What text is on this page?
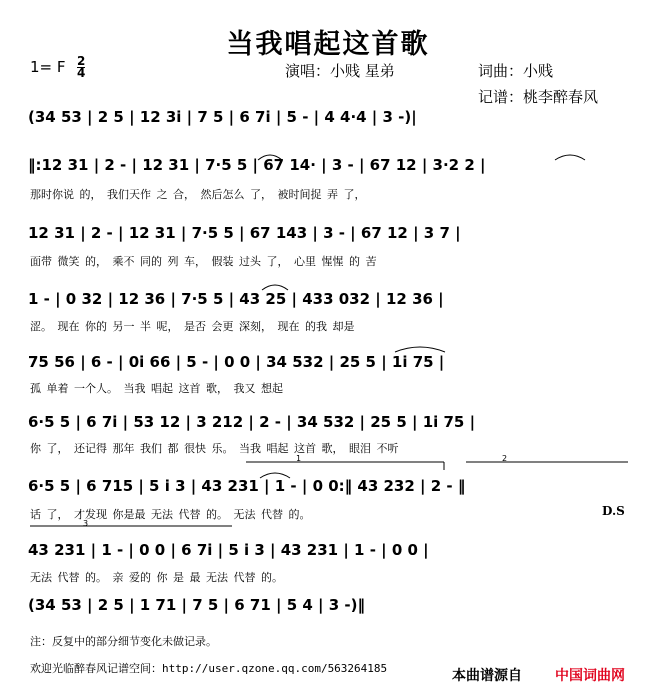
当我唱起这首歌
1= F $\frac{2}{4}$	演唱：小贱 星弟	词曲：小贱
记谱：桃李醉春风
(34 53 | 2 5 | 12 3i | 7 5 | 6 7i | 5 - | 4 4·4 | 3 -)|
‖:12 31 | 2 - | 12 31 | 7·5 5 | 67 14· | 3 - | 67 12 | 3·2 2 |
那时你说 的， 我们天作 之 合， 然后怎么 了， 被时间捉 弄 了，
12 31 | 2 - | 12 31 | 7·5 5 | 67 143 | 3 - | 67 12 | 3 7 |
面带 微笑 的， 乘不 同的 列 车， 假装 过头 了， 心里 惺惺 的 苦
1 - | 0 32 | 12 36 | 7·5 5 | 43 25 | 433 032 | 12 36 |
涩。 现在 你的 另一 半 呢， 是否 会更 深刻， 现在 的我 却是
75 56 | 6 - | 0i 66 | 5 - | 0 0 | 34 532 | 25 5 | 1i 75 |
孤 单着 一个人。 当我 唱起 这首 歌， 我又 想起
6·5 5 | 6 7i | 53 12 | 3 212 | 2 - | 34 532 | 25 5 | 1i 75 |
你 了， 还记得 那年 我们 都 很快 乐。 当我 唱起 这首 歌， 眼泪 不听
6·5 5 | 6 715 | 5 i 3 | 43 231 | 1 - | 0 0:‖ 43 232 | 2 - ‖
话 了， 才发现 你是最 无法 代替 的。 无法 代替 的。	D.S
43 231 | 1 - | 0 0 | 6 7i | 5 i 3 | 43 231 | 1 - | 0 0 |
无法 代替 的。 亲 爱的 你 是 最 无法 代替 的。
(34 53 | 2 5 | 1 71 | 7 5 | 6 71 | 5 4 | 3 -)‖
1	2
3
注：反复中的部分细节变化未做记录。
欢迎光临醉春风记谱空间：http://user.qzone.qq.com/563264185	本曲谱源自 中国词曲网
